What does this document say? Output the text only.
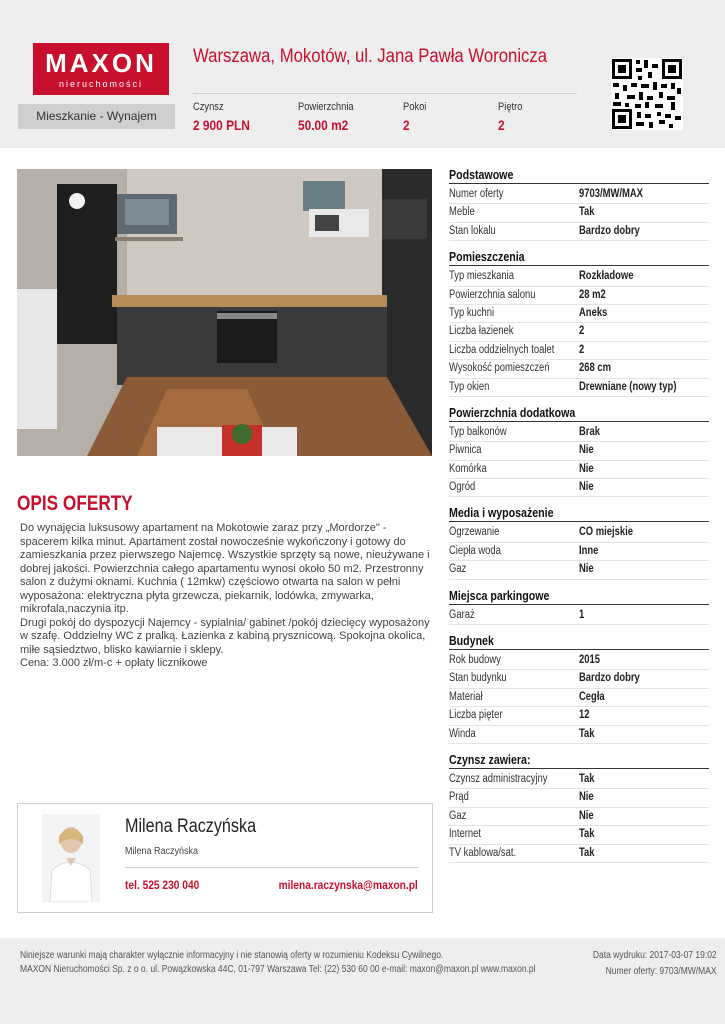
MAXON
nieruchomości
Warszawa, Mokotów, ul. Jana Pawła Woronicza
Mieszkanie - Wynajem
Czynsz
2 900 PLN
Powierzchnia
50.00 m2
Pokoi
2
Piętro
2
OPIS OFERTY
Do wynajęcia luksusowy apartament na Mokotowie zaraz przy „Mordorze" -
spacerem kilka minut. Apartament został nowocześnie wykończony i gotowy do
zamieszkania przez pierwszego Najemcę. Wszystkie sprzęty są nowe, nieużywane i
dobrej jakości. Powierzchnia całego apartamentu wynosi około 50 m2. Przestronny
salon z dużymi oknami. Kuchnia ( 12mkw) częściowo otwarta na salon w pełni
wyposażona: elektryczna płyta grzewcza, piekarnik, lodówka, zmywarka,
mikrofala,naczynia itp.
Drugi pokój do dyspozycji Najemcy - sypialnia/ gabinet /pokój dziecięcy wyposażony
w szafę. Oddzielny WC z pralką. Łazienka z kabiną prysznicową. Spokojna okolica,
miłe sąsiedztwo, blisko kawiarnie i sklepy.
Cena: 3.000 zł/m-c + opłaty licznikowe
Milena Raczyńska
Milena Raczyńska
tel. 525 230 040	milena.raczynska@maxon.pl
Podstawowe
Numer oferty	9703/MW/MAX
Meble	Tak
Stan lokalu	Bardzo dobry
Pomieszczenia
Typ mieszkania	Rozkładowe
Powierzchnia salonu	28 m2
Typ kuchni	Aneks
Liczba łazienek	2
Liczba oddzielnych toalet 2
Wysokość pomieszczeń	268 cm
Typ okien	Drewniane (nowy typ)
Powierzchnia dodatkowa
Typ balkonów	Brak
Piwnica	Nie
Komórka	Nie
Ogród	Nie
Media i wyposażenie
Ogrzewanie	CO miejskie
Ciepła woda	Inne
Gaz	Nie
Miejsca parkingowe
Garaż	1
Budynek
Rok budowy	2015
Stan budynku	Bardzo dobry
Materiał	Cegła
Liczba pięter	12
Winda	Tak
Czynsz zawiera:
Czynsz administracyjny	Tak
Prąd	Nie
Gaz	Nie
Internet	Tak
TV kablowa/sat.	Tak
Niniejsze warunki mają charakter wyłącznie informacyjny i nie stanowią oferty w rozumieniu Kodeksu Cywilnego.
MAXON Nieruchomości Sp. z o o. ul. Powązkowska 44C, 01-797 Warszawa Tel: (22) 530 60 00 e-mail: maxon@maxon.pl www.maxon.pl
Data wydruku: 2017-03-07 19:02
Numer oferty: 9703/MW/MAX
